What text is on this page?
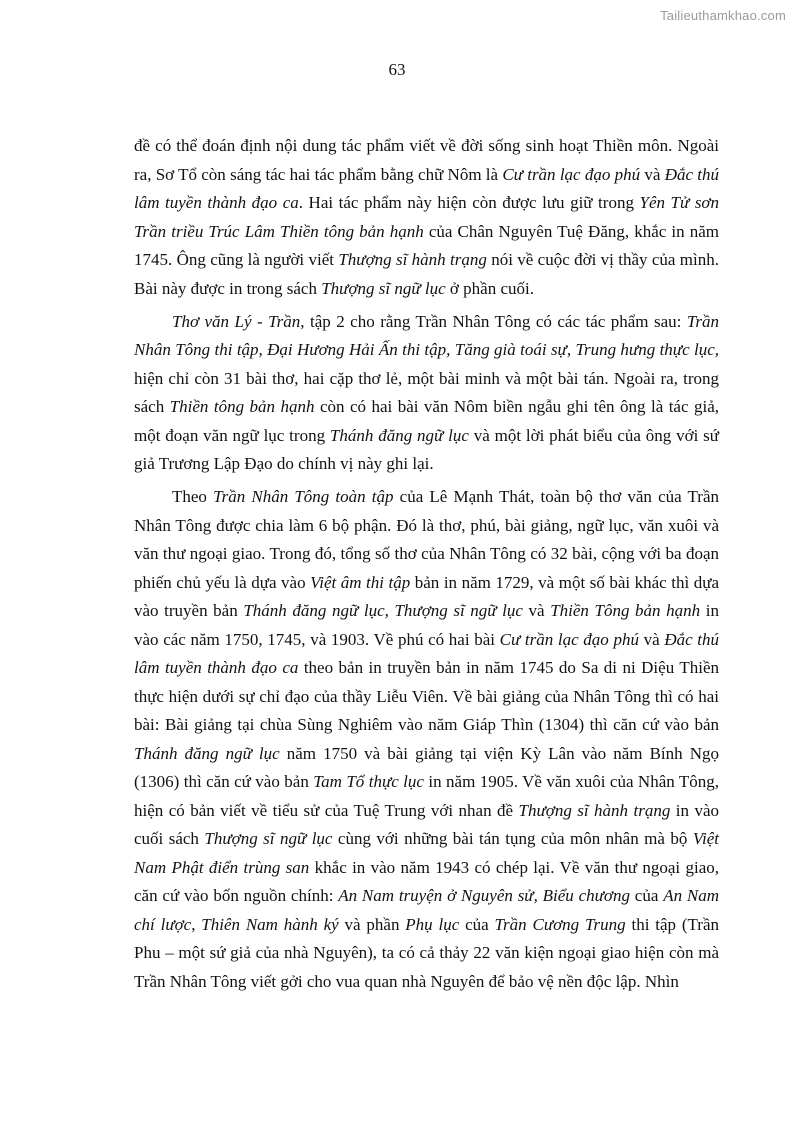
Tailieuthamkhao.com
63

đề có thể đoán định nội dung tác phẩm viết về đời sống sinh hoạt Thiền môn. Ngoài ra, Sơ Tổ còn sáng tác hai tác phẩm bằng chữ Nôm là Cư trần lạc đạo phú và Đắc thú lâm tuyền thành đạo ca. Hai tác phẩm này hiện còn được lưu giữ trong Yên Tử sơn Trần triều Trúc Lâm Thiền tông bản hạnh của Chân Nguyên Tuệ Đăng, khắc in năm 1745. Ông cũng là người viết Thượng sĩ hành trạng nói về cuộc đời vị thầy của mình. Bài này được in trong sách Thượng sĩ ngữ lục ở phần cuối.

Thơ văn Lý - Trần, tập 2 cho rằng Trần Nhân Tông có các tác phẩm sau: Trần Nhân Tông thi tập, Đại Hương Hải Ấn thi tập, Tăng già toái sự, Trung hưng thực lục, hiện chỉ còn 31 bài thơ, hai cặp thơ lẻ, một bài minh và một bài tán. Ngoài ra, trong sách Thiền tông bản hạnh còn có hai bài văn Nôm biền ngẫu ghi tên ông là tác giả, một đoạn văn ngữ lục trong Thánh đăng ngữ lục và một lời phát biểu của ông với sứ giả Trương Lập Đạo do chính vị này ghi lại.

Theo Trần Nhân Tông toàn tập của Lê Mạnh Thát, toàn bộ thơ văn của Trần Nhân Tông được chia làm 6 bộ phận. Đó là thơ, phú, bài giảng, ngữ lục, văn xuôi và văn thư ngoại giao. Trong đó, tổng số thơ của Nhân Tông có 32 bài, cộng với ba đoạn phiến chủ yếu là dựa vào Việt âm thi tập bản in năm 1729, và một số bài khác thì dựa vào truyền bản Thánh đăng ngữ lục, Thượng sĩ ngữ lục và Thiền Tông bản hạnh in vào các năm 1750, 1745, và 1903. Về phú có hai bài Cư trần lạc đạo phú và Đắc thú lâm tuyền thành đạo ca theo bản in truyền bản in năm 1745 do Sa di ni Diệu Thiền thực hiện dưới sự chỉ đạo của thầy Liễu Viên. Về bài giảng của Nhân Tông thì có hai bài: Bài giảng tại chùa Sùng Nghiêm vào năm Giáp Thìn (1304) thì căn cứ vào bản Thánh đăng ngữ lục năm 1750 và bài giảng tại viện Kỳ Lân vào năm Bính Ngọ (1306) thì căn cứ vào bản Tam Tổ thực lục in năm 1905. Về văn xuôi của Nhân Tông, hiện có bản viết về tiểu sử của Tuệ Trung với nhan đề Thượng sĩ hành trạng in vào cuối sách Thượng sĩ ngữ lục cùng với những bài tán tụng của môn nhân mà bộ Việt Nam Phật điển trùng san khắc in vào năm 1943 có chép lại. Về văn thư ngoại giao, căn cứ vào bốn nguồn chính: An Nam truyện ở Nguyên sử, Biểu chương của An Nam chí lược, Thiên Nam hành ký và phần Phụ lục của Trần Cương Trung thi tập (Trần Phu – một sứ giả của nhà Nguyên), ta có cả thảy 22 văn kiện ngoại giao hiện còn mà Trần Nhân Tông viết gởi cho vua quan nhà Nguyên để bảo vệ nền độc lập. Nhìn
